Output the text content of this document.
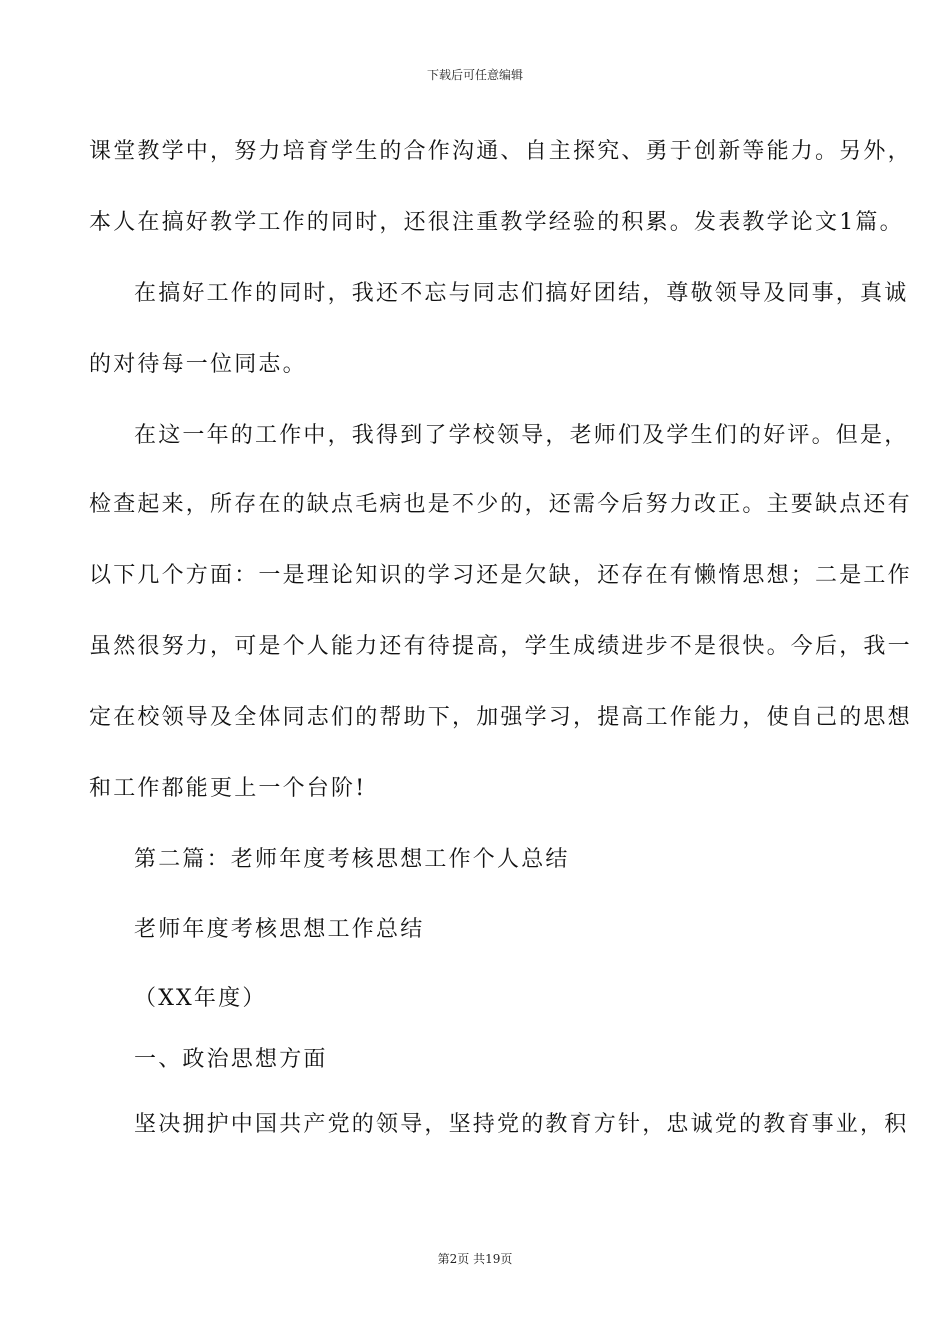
下载后可任意编辑
课堂教学中，努力培育学生的合作沟通、自主探究、勇于创新等能力。另外，
本人在搞好教学工作的同时，还很注重教学经验的积累。发表教学论文1篇。
在搞好工作的同时，我还不忘与同志们搞好团结，尊敬领导及同事，真诚
的对待每一位同志。
在这一年的工作中，我得到了学校领导，老师们及学生们的好评。但是，
检查起来，所存在的缺点毛病也是不少的，还需今后努力改正。主要缺点还有
以下几个方面：一是理论知识的学习还是欠缺，还存在有懒惰思想；二是工作
虽然很努力，可是个人能力还有待提高，学生成绩进步不是很快。今后，我一
定在校领导及全体同志们的帮助下，加强学习，提高工作能力，使自己的思想
和工作都能更上一个台阶!
第二篇：老师年度考核思想工作个人总结
老师年度考核思想工作总结
（XX年度）
一、政治思想方面
坚决拥护中国共产党的领导，坚持党的教育方针，忠诚党的教育事业，积
第2页 共19页
